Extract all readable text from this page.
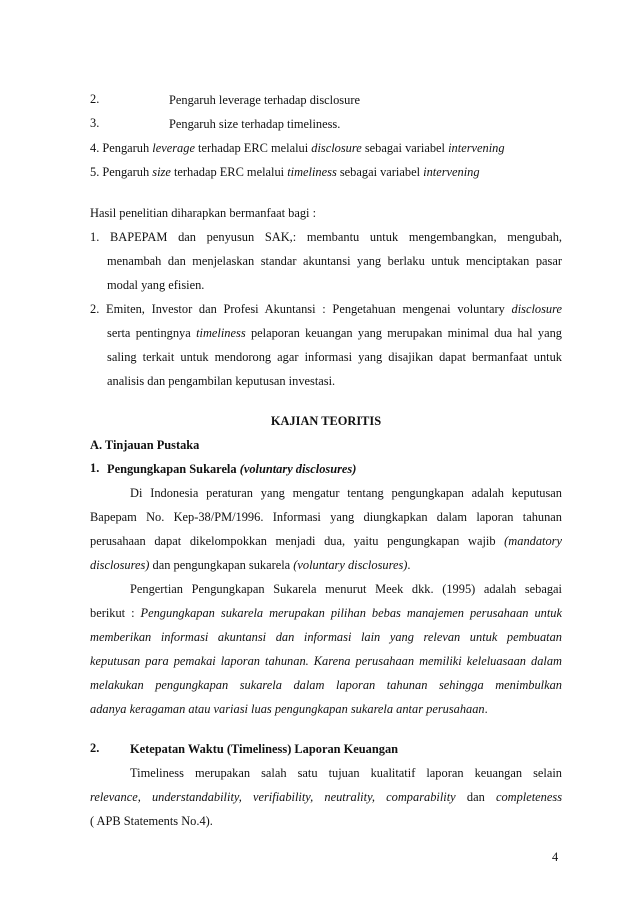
2.	Pengaruh leverage terhadap disclosure
3.	Pengaruh size terhadap timeliness.
4. Pengaruh leverage terhadap ERC melalui disclosure sebagai variabel intervening
5. Pengaruh size terhadap ERC melalui timeliness sebagai variabel intervening
Hasil penelitian diharapkan bermanfaat bagi :
1. BAPEPAM dan penyusun SAK,: membantu untuk mengembangkan, mengubah,
menambah dan menjelaskan standar akuntansi yang berlaku untuk menciptakan pasar
modal yang efisien.
2. Emiten, Investor dan Profesi Akuntansi : Pengetahuan mengenai voluntary disclosure
serta pentingnya timeliness pelaporan keuangan yang merupakan minimal dua hal yang
saling terkait untuk mendorong agar informasi yang disajikan dapat bermanfaat untuk
analisis dan pengambilan keputusan investasi.
KAJIAN TEORITIS
A. Tinjauan Pustaka
1. Pengungkapan Sukarela (voluntary disclosures)
Di Indonesia peraturan yang mengatur tentang pengungkapan adalah keputusan
Bapepam No. Kep-38/PM/1996. Informasi yang diungkapkan dalam laporan tahunan
perusahaan dapat dikelompokkan menjadi dua, yaitu pengungkapan wajib (mandatory
disclosures) dan pengungkapan sukarela (voluntary disclosures).
Pengertian Pengungkapan Sukarela menurut Meek dkk. (1995) adalah sebagai
berikut : Pengungkapan sukarela merupakan pilihan bebas manajemen perusahaan untuk
memberikan informasi akuntansi dan informasi lain yang relevan untuk pembuatan
keputusan para pemakai laporan tahunan. Karena perusahaan memiliki keleluasaan dalam
melakukan pengungkapan sukarela dalam laporan tahunan sehingga menimbulkan
adanya keragaman atau variasi luas pengungkapan sukarela antar perusahaan.
2. Ketepatan Waktu (Timeliness) Laporan Keuangan
Timeliness merupakan salah satu tujuan kualitatif laporan keuangan selain
relevance, understandability, verifiability, neutrality, comparability dan completeness
( APB Statements No.4).
4
